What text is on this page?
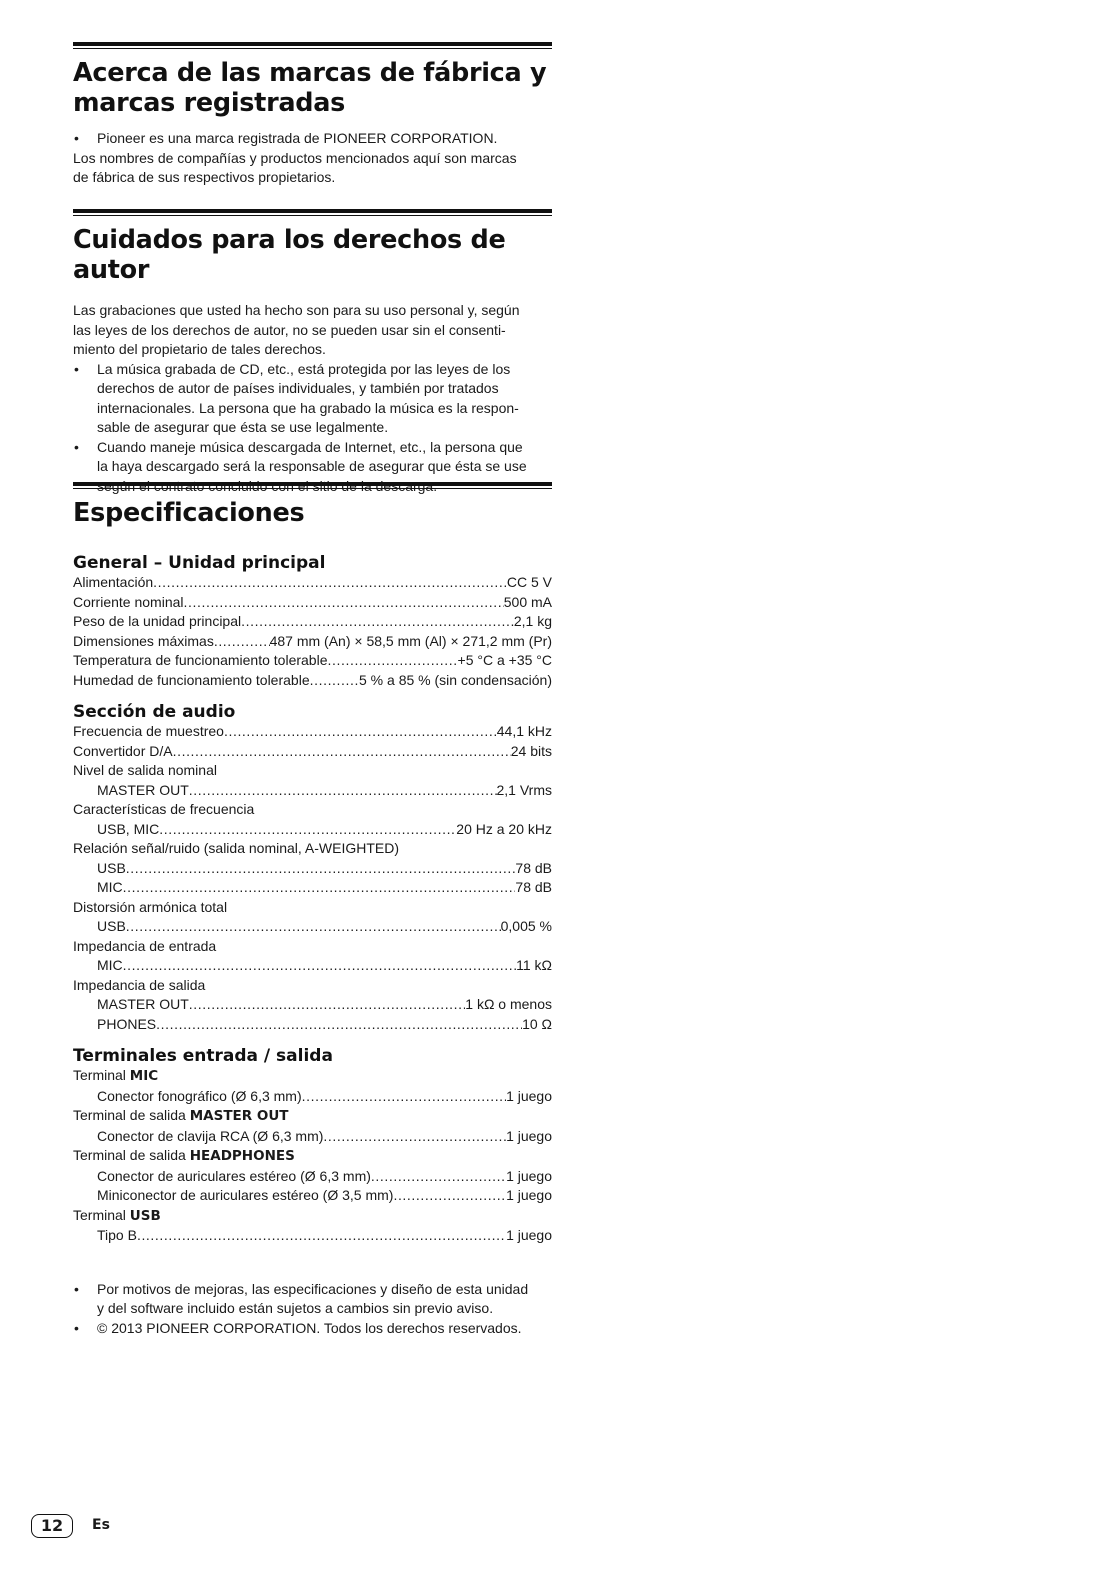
Acerca de las marcas de fábrica y
marcas registradas
• Pioneer es una marca registrada de PIONEER CORPORATION.

Los nombres de compañías y productos mencionados aquí son marcas
de fábrica de sus respectivos propietarios.

Cuidados para los derechos de autor

Las grabaciones que usted ha hecho son para su uso personal y, según
las leyes de los derechos de autor, no se pueden usar sin el consenti-
miento del propietario de tales derechos.

• La música grabada de CD, etc., está protegida por las leyes de los
derechos de autor de países individuales, y también por tratados
internacionales. La persona que ha grabado la música es la respon-
sable de asegurar que ésta se use legalmente.
• Cuando maneje música descargada de Internet, etc., la persona que
la haya descargado será la responsable de asegurar que ésta se use
según el contrato concluido con el sitio de la descarga.
Especificaciones
General – Unidad principal
Alimentación .....	CC 5 V
Corriente nominal .....	500 mA
Peso de la unidad principal .....	2,1 kg
Dimensiones máximas .....	487 mm (An) × 58,5 mm (Al) × 271,2 mm (Pr)
Temperatura de funcionamiento tolerable .....	+5 °C a +35 °C
Humedad de funcionamiento tolerable .....	5 % a 85 % (sin condensación)
Sección de audio
Frecuencia de muestreo .....	44,1 kHz
Convertidor D/A .....	24 bits
Nivel de salida nominal
MASTER OUT .....	2,1 Vrms
Características de frecuencia
USB, MIC .....	20 Hz a 20 kHz
Relación señal/ruido (salida nominal, A-WEIGHTED)
USB .....	78 dB
MIC .....	78 dB
Distorsión armónica total
USB .....	0,005 %
Impedancia de entrada
MIC .....	11 kΩ
Impedancia de salida
MASTER OUT .....	1 kΩ o menos
PHONES .....	10 Ω
Terminales entrada / salida
Terminal MIC
Conector fonográfico (Ø 6,3 mm) .....	1 juego
Terminal de salida MASTER OUT
Conector de clavija RCA (Ø 6,3 mm) .....	1 juego
Terminal de salida HEADPHONES
Conector de auriculares estéreo (Ø 6,3 mm) .....	1 juego
Miniconector de auriculares estéreo (Ø 3,5 mm) .....	1 juego
Terminal USB
Tipo B .....	1 juego
• Por motivos de mejoras, las especificaciones y diseño de esta unidad
y del software incluido están sujetos a cambios sin previo aviso.
• © 2013 PIONEER CORPORATION. Todos los derechos reservados.
12	Es
